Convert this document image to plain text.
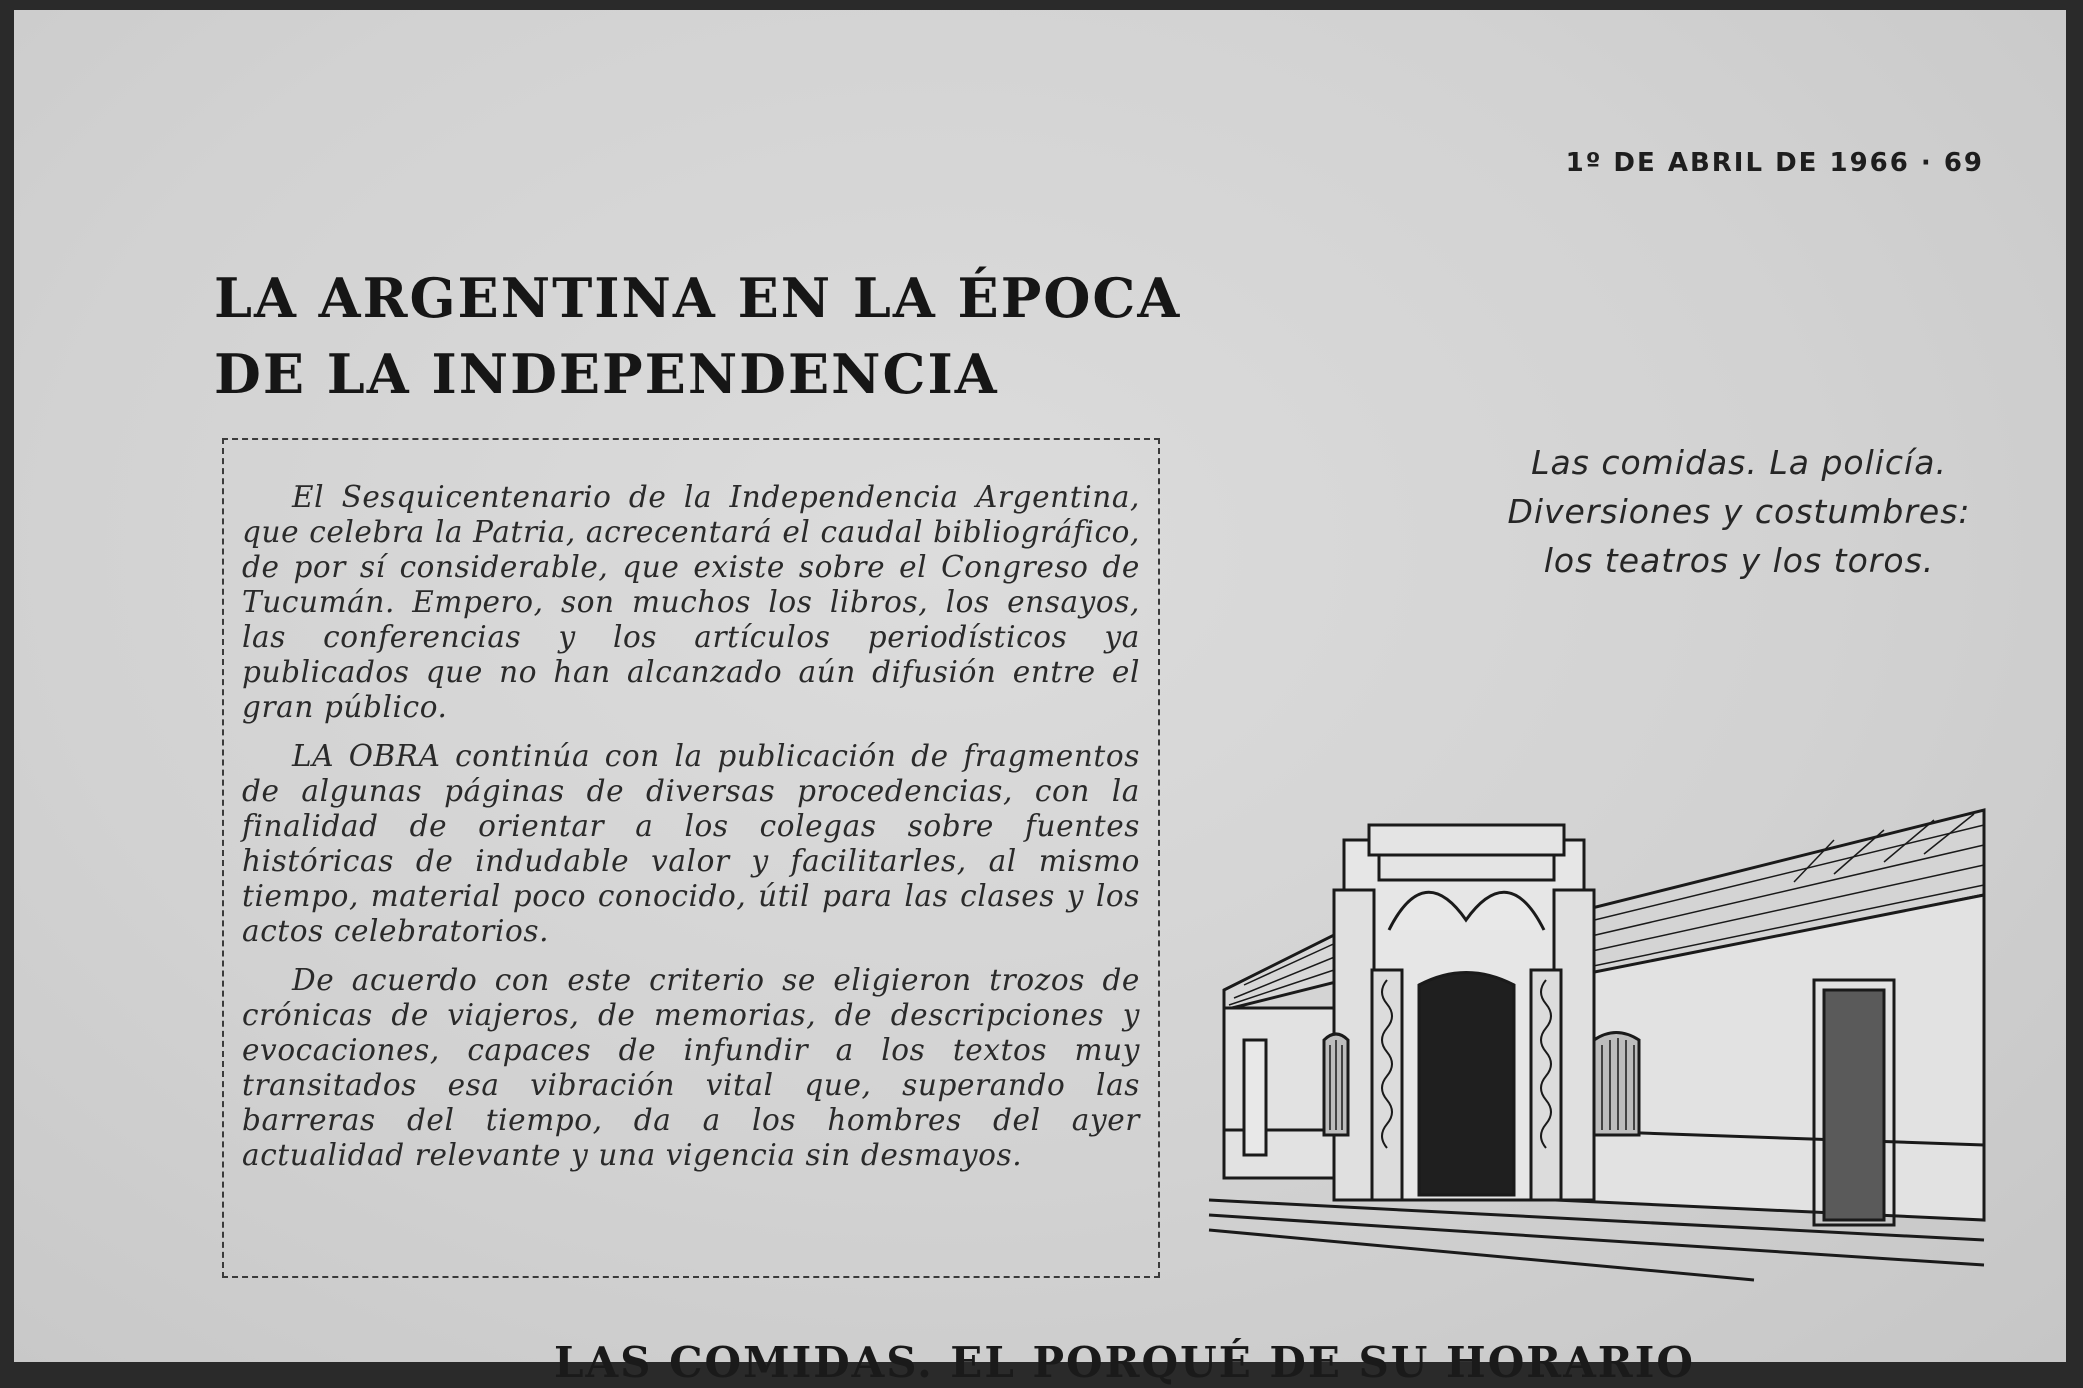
1º DE ABRIL DE 1966 · 69
LA ARGENTINA EN LA ÉPOCA
DE LA INDEPENDENCIA

El Sesquicentenario de la Independencia Argentina, que celebra la Patria, acrecentará el caudal bibliográfico, de por sí considerable, que existe sobre el Congreso de Tucumán. Empero, son muchos los libros, los ensayos, las conferencias y los artículos periodísticos ya publicados que no han alcanzado aún difusión entre el gran público.

LA OBRA continúa con la publicación de fragmentos de algunas páginas de diversas procedencias, con la finalidad de orientar a los colegas sobre fuentes históricas de indudable valor y facilitarles, al mismo tiempo, material poco conocido, útil para las clases y los actos celebratorios.

De acuerdo con este criterio se eligieron trozos de crónicas de viajeros, de memorias, de descripciones y evocaciones, capaces de infundir a los textos muy transitados esa vibración vital que, superando las barreras del tiempo, da a los hombres del ayer actualidad relevante y una vigencia sin desmayos.

Las comidas. La policía. Diversiones y costumbres: los teatros y los toros.

LAS COMIDAS. EL PORQUÉ DE SU HORARIO
